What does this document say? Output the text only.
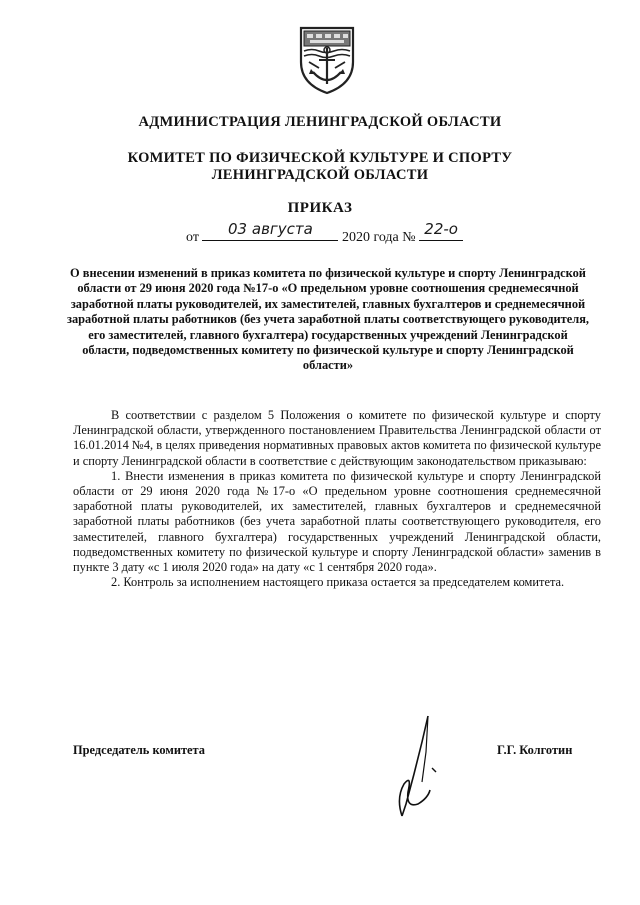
АДМИНИСТРАЦИЯ ЛЕНИНГРАДСКОЙ ОБЛАСТИ
КОМИТЕТ ПО ФИЗИЧЕСКОЙ КУЛЬТУРЕ И СПОРТУ
ЛЕНИНГРАДСКОЙ ОБЛАСТИ
ПРИКАЗ
от	03 августа	2020 года № 22-о
О внесении изменений в приказ комитета по физической культуре и спорту Ленинградской области от 29 июня 2020 года №17-о «О предельном уровне соотношения среднемесячной заработной платы руководителей, их заместителей, главных бухгалтеров и среднемесячной заработной платы работников (без учета заработной платы соответствующего руководителя, его заместителей, главного бухгалтера) государственных учреждений Ленинградской области, подведомственных комитету по физической культуре и спорту Ленинградской области»

В соответствии с разделом 5 Положения о комитете по физической культуре и спорту Ленинградской области, утвержденного постановлением Правительства Ленинградской области от 16.01.2014 №4, в целях приведения нормативных правовых актов комитета по физической культуре и спорту Ленинградской области в соответствие с действующим законодательством приказываю:

1. Внести изменения в приказ комитета по физической культуре и спорту Ленинградской области от 29 июня 2020 года №17-о «О предельном уровне соотношения среднемесячной заработной платы руководителей, их заместителей, главных бухгалтеров и среднемесячной заработной платы работников (без учета заработной платы соответствующего руководителя, его заместителей, главного бухгалтера) государственных учреждений Ленинградской области, подведомственных комитету по физической культуре и спорту Ленинградской области» заменив в пункте 3 дату «с 1 июля 2020 года» на дату «с 1 сентября 2020 года».

2. Контроль за исполнением настоящего приказа остается за председателем комитета.

Председатель комитета	Г.Г. Колготин
